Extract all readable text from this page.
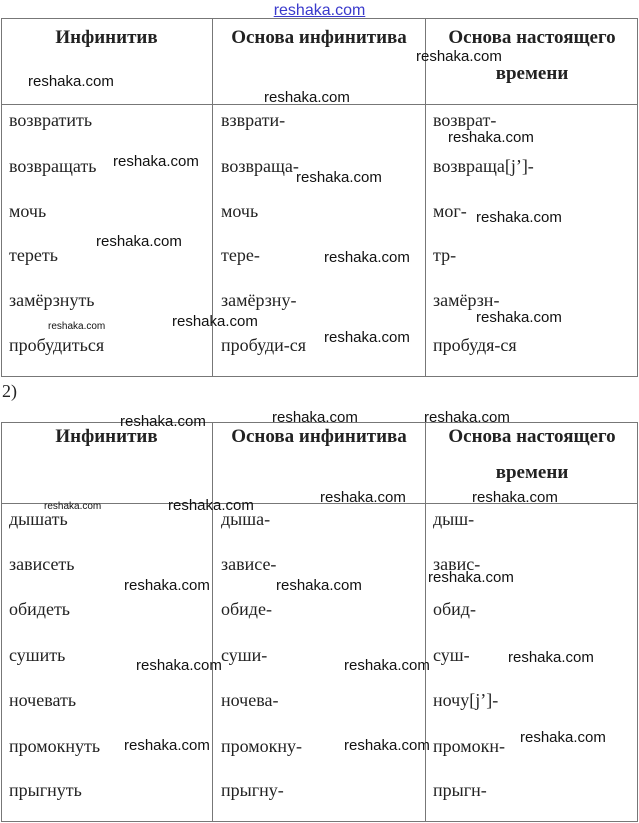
reshaka.com
Инфинитив	Основа инфинитива	Основа настоящего
времени
возвратить	взврати-	возврат-
возвращать	возвраща-	возвраща[j’]-
мочь	мочь	мог-
тереть	тере-	тр-
замёрзнуть	замёрзну-	замёрзн-
пробудиться	пробуди-ся	пробудя-ся
2)
Инфинитив	Основа инфинитива	Основа настоящего
времени
дышать	дыша-	дыш-
зависеть	зависе-	завис-
обидеть	обиде-	обид-
сушить	суши-	суш-
ночевать	ночева-	ночу[j’]-
промокнуть	промокну-	промокн-
прыгнуть	прыгну-	прыгн-
reshaka.com
reshaka.com
reshaka.com
reshaka.com
reshaka.com
reshaka.com
reshaka.com
reshaka.com
reshaka.com
reshaka.com
reshaka.com
reshaka.com
reshaka.com
reshaka.com	reshaka.com	reshaka.com
reshaka.com	reshaka.com
reshaka.com
reshaka.com
reshaka.com
reshaka.com	reshaka.com
reshaka.com
reshaka.com	reshaka.com
reshaka.com
reshaka.com	reshaka.com
